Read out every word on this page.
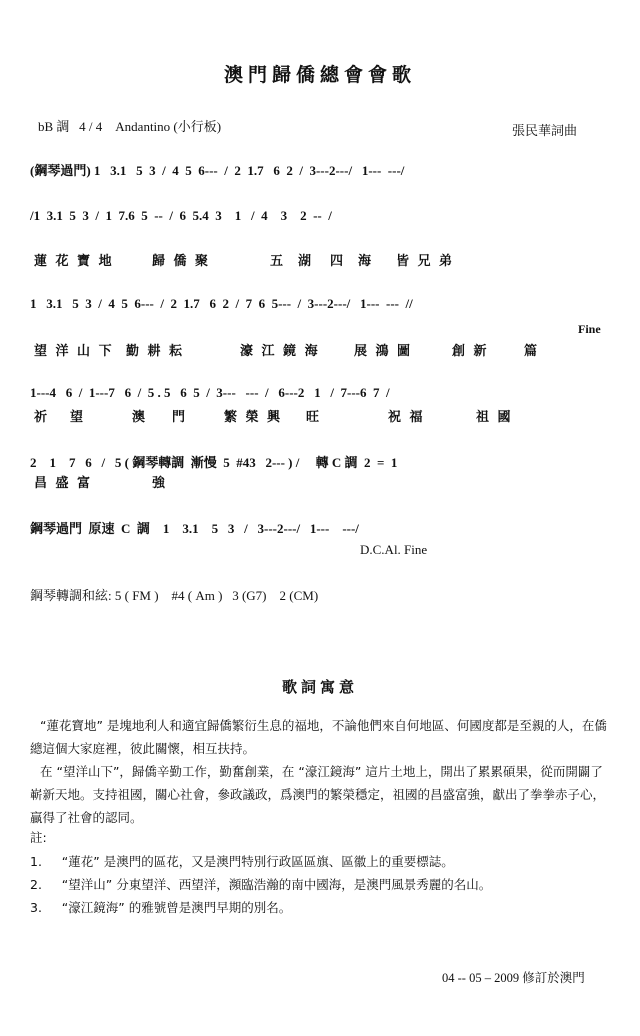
澳門歸僑總會會歌
bB 調   4 / 4    Andantino (小行板)	張民華詞曲
(鋼琴過門) 1   3.1   5  3  /  4  5  6---  /  2  1.7   6  2  /  3---2---/   1---  ---/
/1  3.1  5  3  /  1  7.6  5  --  /  6  5.4  3    1   /  4    3    2  --  /

蓮 花 寶 地

	歸 僑 聚

	五  湖

四  海

皆 兄 弟

1   3.1   5  3  /  4  5  6---  /  2  1.7   6  2  /  7  6  5---  /  3---2---/   1---  ---  //
Fine

望 洋 山 下

勤 耕 耘

	濠 江 鏡 海

	展 鴻 圖

	創 新

	篇

1---4   6  /  1---7   6  /  5 . 5   6  5  /  3---   ---  /   6---2   1   /  7---6  7  /

祈

望

	澳

門

	繁 榮 興

旺

	祝 福

	祖 國

2    1    7   6   /   5 ( 鋼琴轉調  漸慢  5  #43   2--- ) /     轉 C 調  2  =  1

昌 盛 富

	強

鋼琴過門  原速  C  調    1    3.1    5   3   /   3---2---/   1---    ---/
D.C.Al. Fine
鋼琴轉調和絃: 5 ( FM )    #4 ( Am )   3 (G7)    2 (CM)
歌詞寓意
“蓮花寶地” 是塊地利人和適宜歸僑繁衍生息的福地，不論他們來自何地區、何國度都是至親的人，在僑總這個大家庭裡，彼此關懷，相互扶持。
在 “望洋山下”，歸僑辛勤工作，勤奮創業，在 “濠江鏡海” 這片土地上，開出了累累碩果，從而開闢了嶄新天地。支持祖國，關心社會，參政議政，爲澳門的繁榮穩定，祖國的昌盛富強，獻出了拳拳赤子心，贏得了社會的認同。
註:
1.     “蓮花” 是澳門的區花，又是澳門特別行政區區旗、區徽上的重要標誌。
2.     “望洋山” 分東望洋、西望洋，瀕臨浩瀚的南中國海，是澳門風景秀麗的名山。
3.     “濠江鏡海” 的雅號曾是澳門早期的別名。
04 -- 05 – 2009 修訂於澳門
